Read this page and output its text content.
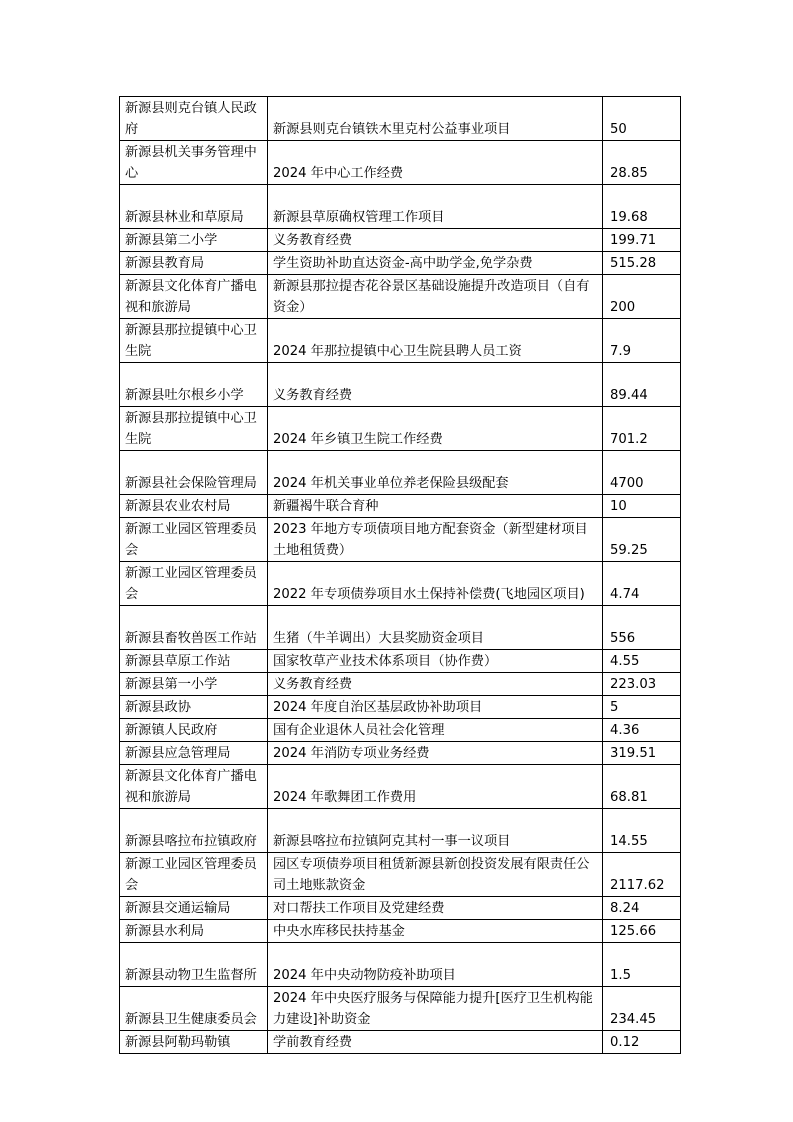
新源县则克台镇人民政府	新源县则克台镇铁木里克村公益事业项目	50
新源县机关事务管理中心	2024 年中心工作经费	28.85
新源县林业和草原局	新源县草原确权管理工作项目	19.68
新源县第二小学	义务教育经费	199.71
新源县教育局	学生资助补助直达资金-高中助学金,免学杂费	515.28
新源县文化体育广播电视和旅游局	新源县那拉提杏花谷景区基础设施提升改造项目（自有资金）	200
新源县那拉提镇中心卫生院	2024 年那拉提镇中心卫生院县聘人员工资	7.9
新源县吐尔根乡小学	义务教育经费	89.44
新源县那拉提镇中心卫生院	2024 年乡镇卫生院工作经费	701.2
新源县社会保险管理局	2024 年机关事业单位养老保险县级配套	4700
新源县农业农村局	新疆褐牛联合育种	10
新源工业园区管理委员会	2023 年地方专项债项目地方配套资金（新型建材项目土地租赁费）	59.25
新源工业园区管理委员会	2022 年专项债券项目水土保持补偿费(飞地园区项目)	4.74
新源县畜牧兽医工作站	生猪（牛羊调出）大县奖励资金项目	556
新源县草原工作站	国家牧草产业技术体系项目（协作费）	4.55
新源县第一小学	义务教育经费	223.03
新源县政协	2024 年度自治区基层政协补助项目	5
新源镇人民政府	国有企业退休人员社会化管理	4.36
新源县应急管理局	2024 年消防专项业务经费	319.51
新源县文化体育广播电视和旅游局	2024 年歌舞团工作费用	68.81
新源县喀拉布拉镇政府	新源县喀拉布拉镇阿克其村一事一议项目	14.55
新源工业园区管理委员会	园区专项债券项目租赁新源县新创投资发展有限责任公司土地账款资金	2117.62
新源县交通运输局	对口帮扶工作项目及党建经费	8.24
新源县水利局	中央水库移民扶持基金	125.66
新源县动物卫生监督所	2024 年中央动物防疫补助项目	1.5
新源县卫生健康委员会	2024 年中央医疗服务与保障能力提升[医疗卫生机构能力建设]补助资金	234.45
新源县阿勒玛勒镇	学前教育经费	0.12
